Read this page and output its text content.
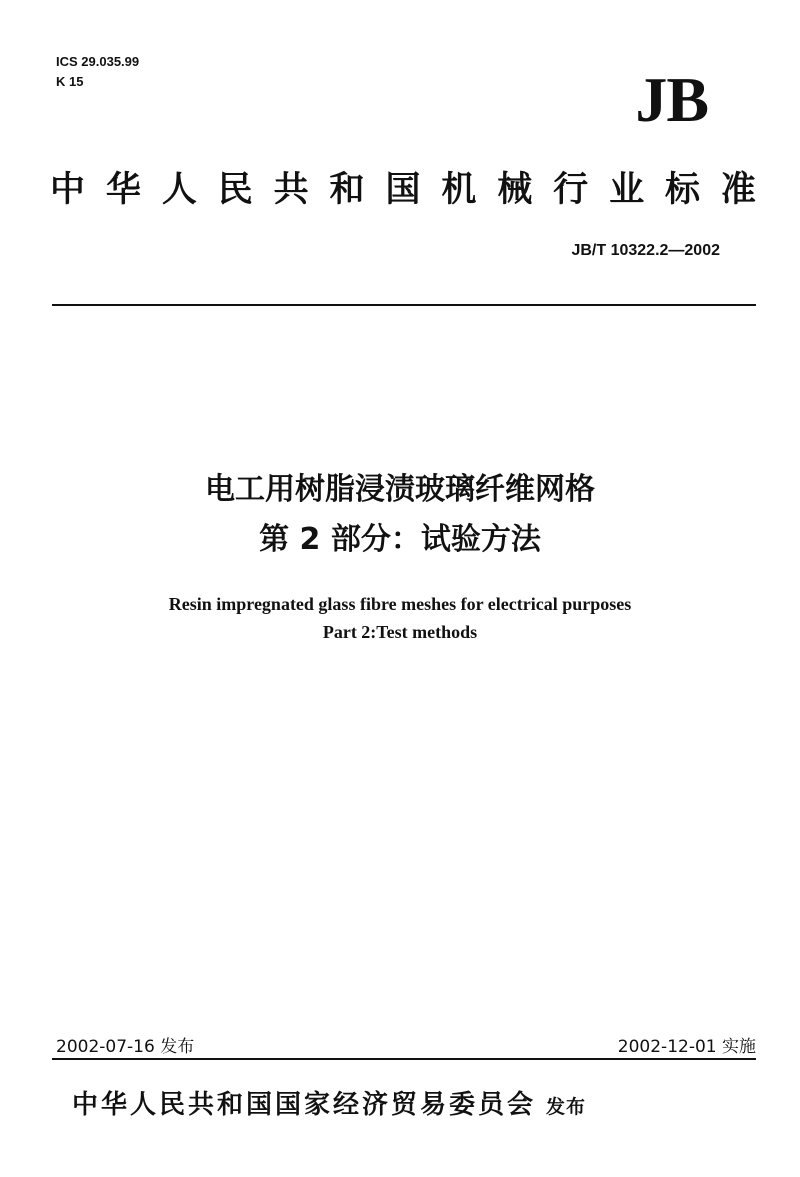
ICS 29.035.99
K 15	JB
中 华 人 民 共 和 国 机 械 行 业 标 准
JB/T 10322.2—2002
电工用树脂浸渍玻璃纤维网格
第 2 部分：试验方法
Resin impregnated glass fibre meshes for electrical purposes
Part 2:Test methods
2002-07-16 发布	2002-12-01 实施
中华人民共和国国家经济贸易委员会 发布
